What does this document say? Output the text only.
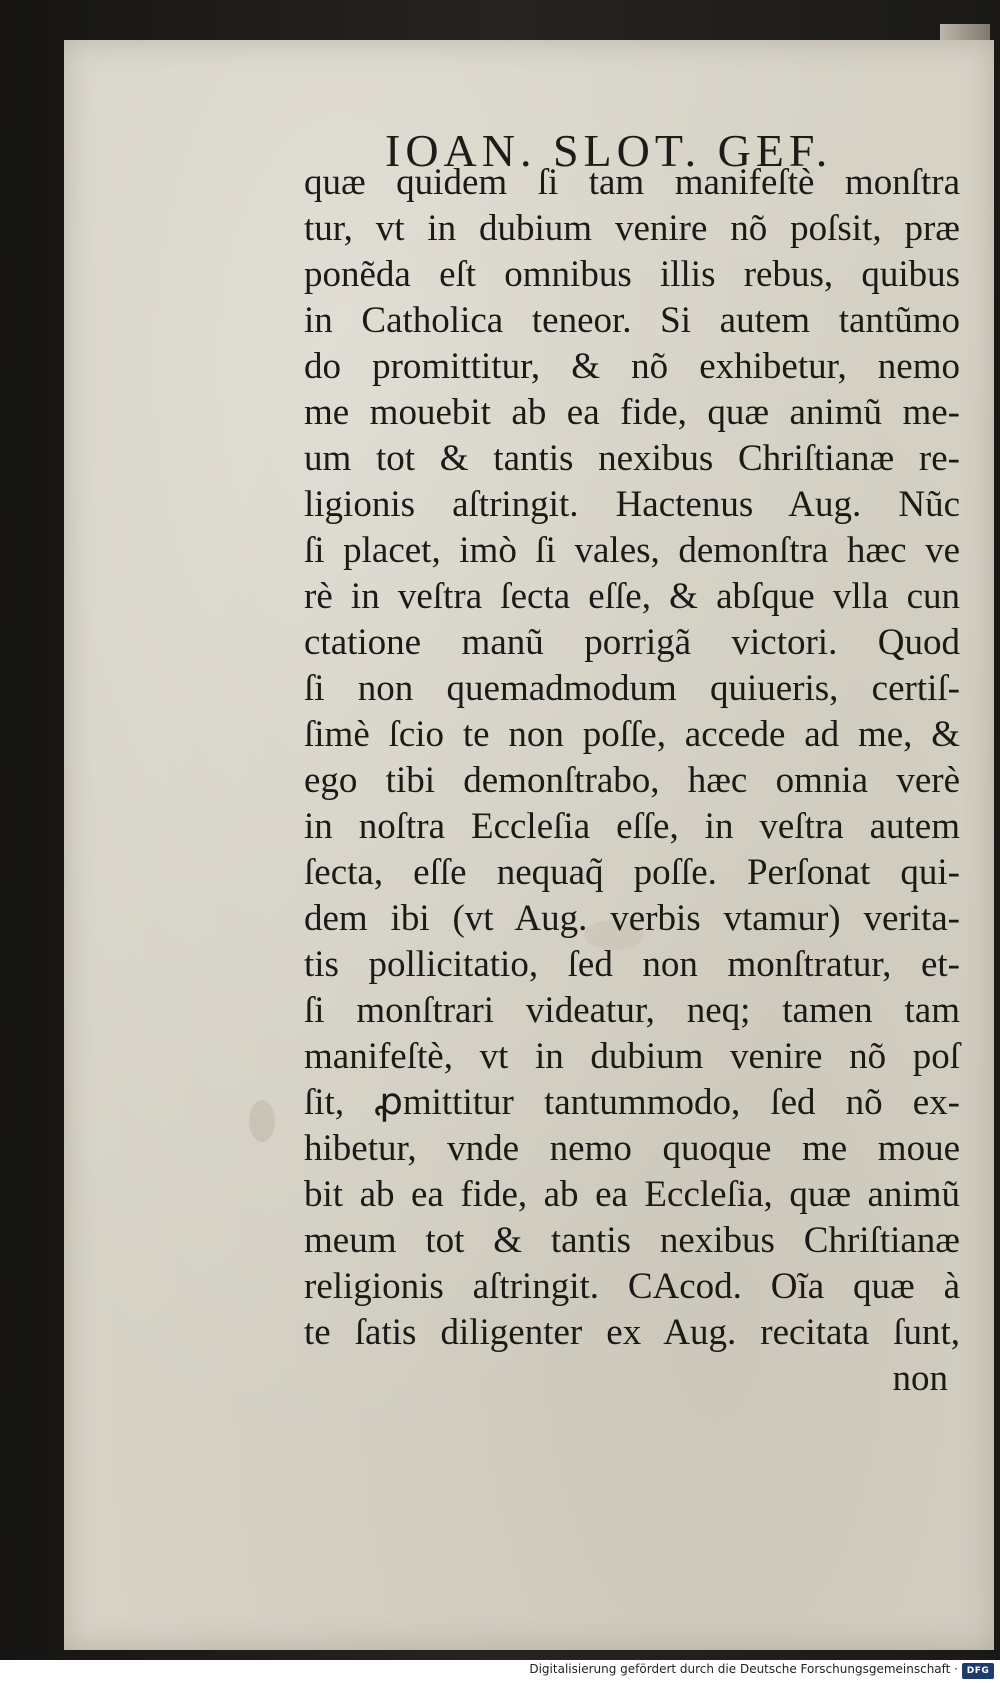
IOAN. SLOT. GEF.
quæ quidem ſi tam manifeſtè monſtra
tur, vt in dubium venire nõ poſsit, præ
ponẽda eſt omnibus illis rebus, quibus
in Catholica teneor. Si autem tantũmo
do promittitur, & nõ exhibetur, nemo
me mouebit ab ea fide, quæ animũ me-
um tot & tantis nexibus Chriſtianæ re-
ligionis aſtringit. Hactenus Aug. Nũc
ſi placet, imò ſi vales, demonſtra hæc ve
rè in veſtra ſecta eſſe, & abſque vlla cun
ctatione manũ porrigã victori. Quod
ſi non quemadmodum quiueris, certiſ-
ſimè ſcio te non poſſe, accede ad me, &
ego tibi demonſtrabo, hæc omnia verè
in noſtra Eccleſia eſſe, in veſtra autem
ſecta, eſſe nequaq̃ poſſe. Perſonat qui-
dem ibi (vt Aug. verbis vtamur) verita-
tis pollicitatio, ſed non monſtratur, et-
ſi monſtrari videatur, neq; tamen tam
manifeſtè, vt in dubium venire nõ poſ
ſit, ꝓmittitur tantummodo, ſed nõ ex-
hibetur, vnde nemo quoque me moue
bit ab ea fide, ab ea Eccleſia, quæ animũ
meum tot & tantis nexibus Chriſtianæ
religionis aſtringit. CAcod. Oĩa quæ à
te ſatis diligenter ex Aug. recitata ſunt,
non
Digitalisierung gefördert durch die Deutsche Forschungsgemeinschaft · DFG
